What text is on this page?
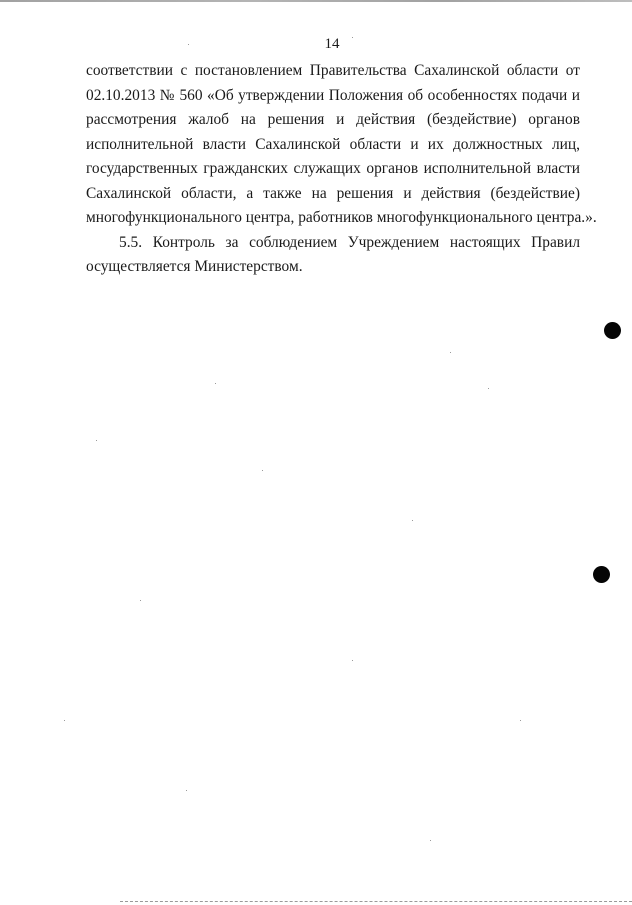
14

соответствии с постановлением Правительства Сахалинской области от
02.10.2013 № 560 «Об утверждении Положения об особенностях подачи и
рассмотрения жалоб на решения и действия (бездействие) органов
исполнительной власти Сахалинской области и их должностных лиц,
государственных гражданских служащих органов исполнительной власти
Сахалинской области, а также на решения и действия (бездействие)
многофункционального центра, работников многофункционального центра.».

5.5. Контроль за соблюдением Учреждением настоящих Правил
осуществляется Министерством.
